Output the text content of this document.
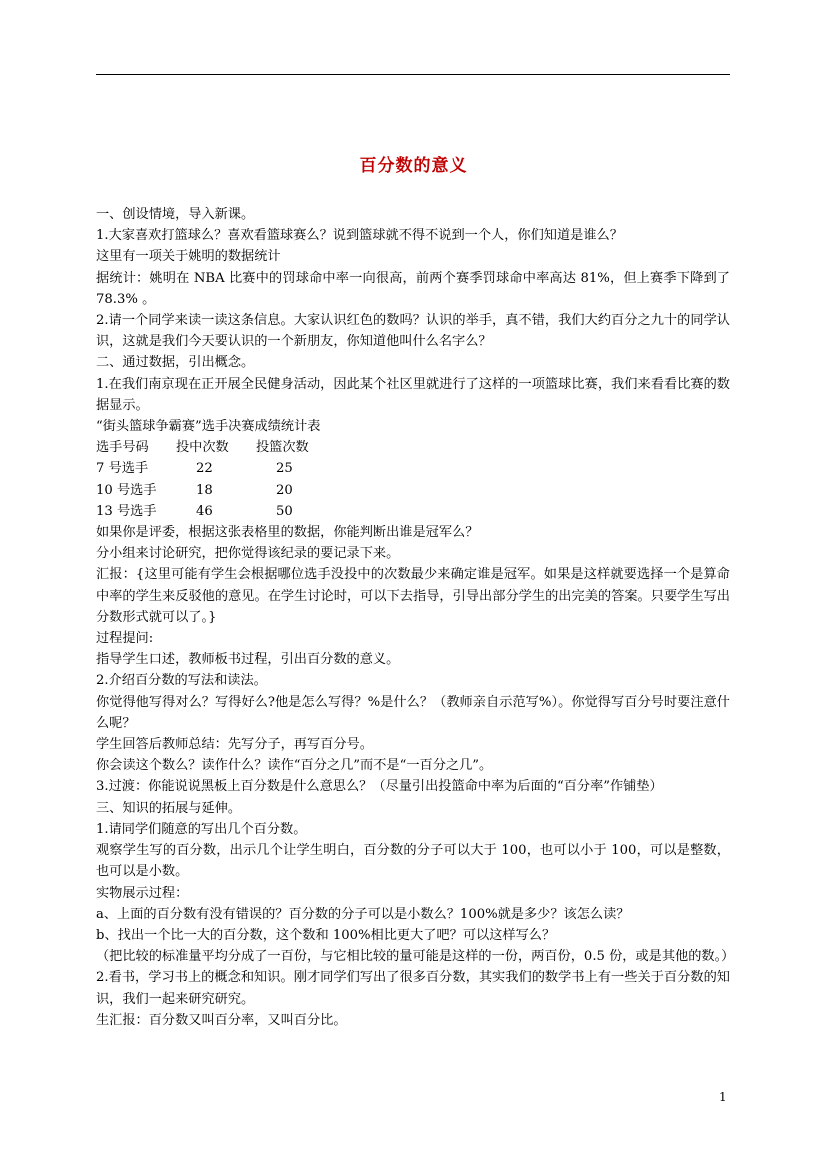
百分数的意义

一、创设情境，导入新课。

1.大家喜欢打篮球么？喜欢看篮球赛么？说到篮球就不得不说到一个人，你们知道是谁么？

这里有一项关于姚明的数据统计

据统计：姚明在 NBA 比赛中的罚球命中率一向很高，前两个赛季罚球命中率高达 81%，但上赛季下降到了 78.3% 。

2.请一个同学来读一读这条信息。大家认识红色的数吗？认识的举手，真不错，我们大约百分之九十的同学认识，这就是我们今天要认识的一个新朋友，你知道他叫什么名字么？

二、通过数据，引出概念。

1.在我们南京现在正开展全民健身活动，因此某个社区里就进行了这样的一项篮球比赛，我们来看看比赛的数据显示。

“街头篮球争霸赛”选手决赛成绩统计表

选手号码 投中次数 投篮次数

7 号选手	22	25

10 号选手	18	20

13 号选手	46	50

如果你是评委，根据这张表格里的数据，你能判断出谁是冠军么？

分小组来讨论研究，把你觉得该纪录的要记录下来。

汇报：{这里可能有学生会根据哪位选手没投中的次数最少来确定谁是冠军。如果是这样就要选择一个是算命中率的学生来反驳他的意见。在学生讨论时，可以下去指导，引导出部分学生的出完美的答案。只要学生写出分数形式就可以了。}

过程提问:

指导学生口述，教师板书过程，引出百分数的意义。

2.介绍百分数的写法和读法。

你觉得他写得对么？写得好么?他是怎么写得？%是什么？（教师亲自示范写%）。你觉得写百分号时要注意什么呢？

学生回答后教师总结：先写分子，再写百分号。

你会读这个数么？读作什么？读作“百分之几”而不是“一百分之几”。

3.过渡：你能说说黑板上百分数是什么意思么？（尽量引出投篮命中率为后面的“百分率”作铺垫）

三、知识的拓展与延伸。

1.请同学们随意的写出几个百分数。

观察学生写的百分数，出示几个让学生明白，百分数的分子可以大于 100，也可以小于 100，可以是整数，也可以是小数。

实物展示过程：

a、上面的百分数有没有错误的？百分数的分子可以是小数么？100%就是多少？该怎么读？

b、找出一个比一大的百分数，这个数和 100%相比更大了吧？可以这样写么？

（把比较的标准量平均分成了一百份，与它相比较的量可能是这样的一份，两百份，0.5 份，或是其他的数。）

2.看书，学习书上的概念和知识。刚才同学们写出了很多百分数，其实我们的数学书上有一些关于百分数的知识，我们一起来研究研究。

生汇报：百分数又叫百分率，又叫百分比。

1
